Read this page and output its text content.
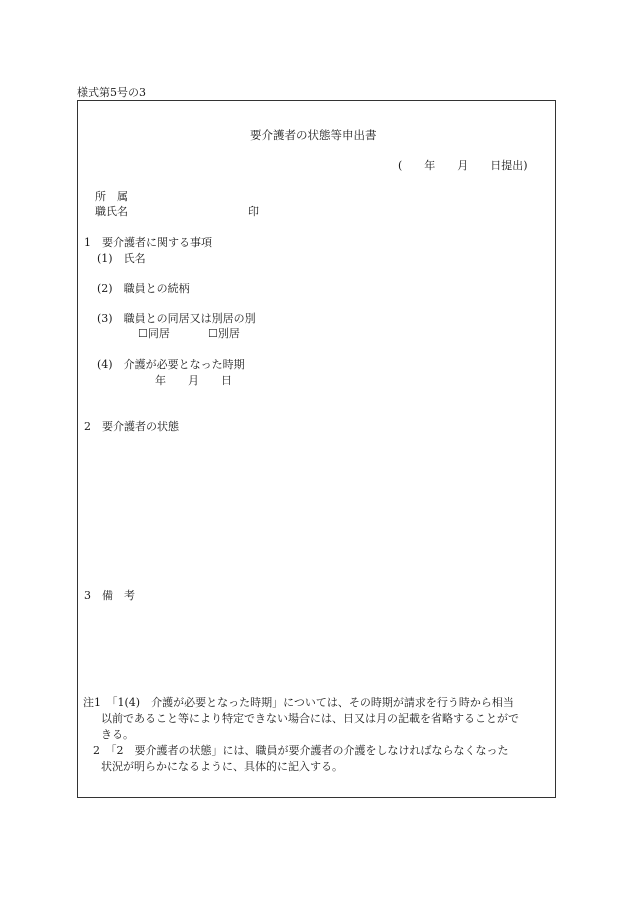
様式第5号の3
要介護者の状態等申出書
(　　年　　月　　日提出)
所　属
職氏名	印
1　要介護者に関する事項
(1)　氏名
(2)　職員との続柄
(3)　職員との同居又は別居の別
☐同居	☐別居
(4)　介護が必要となった時期
年　　月　　日
2　要介護者の状態
3　備　考
注1　「1(4)　介護が必要となった時期」については、その時期が請求を行う時から相当
以前であること等により特定できない場合には、日又は月の記載を省略することがで
きる。
2　「2　要介護者の状態」には、職員が要介護者の介護をしなければならなくなった
状況が明らかになるように、具体的に記入する。
